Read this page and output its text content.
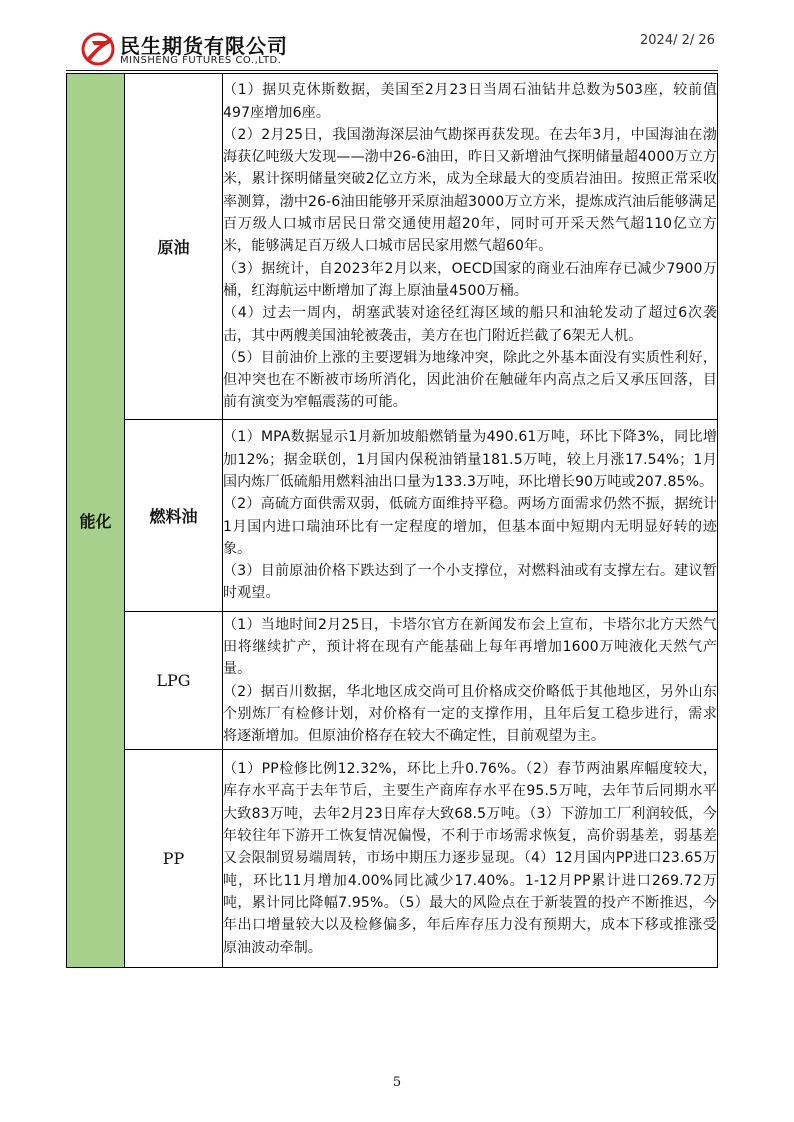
民生期货有限公司
MINSHENG FUTURES CO.,LTD.
2024/ 2/ 26
能化	原油	（1）据贝克休斯数据，美国至2月23日当周石油钻井总数为503座，较前值497座增加6座。

（2）2月25日，我国渤海深层油气勘探再获发现。在去年3月，中国海油在渤海获亿吨级大发现——渤中26-6油田，昨日又新增油气探明储量超4000万立方米，累计探明储量突破2亿立方米，成为全球最大的变质岩油田。按照正常采收率测算，渤中26-6油田能够开采原油超3000万立方米，提炼成汽油后能够满足百万级人口城市居民日常交通使用超20年，同时可开采天然气超110亿立方米，能够满足百万级人口城市居民家用燃气超60年。

（3）据统计，自2023年2月以来，OECD国家的商业石油库存已减少7900万桶，红海航运中断增加了海上原油量4500万桶。

（4）过去一周内，胡塞武装对途径红海区域的船只和油轮发动了超过6次袭击，其中两艘美国油轮被袭击，美方在也门附近拦截了6架无人机。

（5）目前油价上涨的主要逻辑为地缘冲突，除此之外基本面没有实质性利好，但冲突也在不断被市场所消化，因此油价在触碰年内高点之后又承压回落，目前有演变为窄幅震荡的可能。

	燃料油	（1）MPA数据显示1月新加坡船燃销量为490.61万吨，环比下降3%，同比增加12%；据金联创，1月国内保税油销量181.5万吨，较上月涨17.54%；1月国内炼厂低硫船用燃料油出口量为133.3万吨，环比增长90万吨或207.85%。

（2）高硫方面供需双弱，低硫方面维持平稳。两场方面需求仍然不振，据统计1月国内进口瑞油环比有一定程度的增加，但基本面中短期内无明显好转的迹象。

（3）目前原油价格下跌达到了一个小支撑位，对燃料油或有支撑左右。建议暂时观望。

	LPG	（1）当地时间2月25日，卡塔尔官方在新闻发布会上宣布，卡塔尔北方天然气田将继续扩产，预计将在现有产能基础上每年再增加1600万吨液化天然气产量。

（2）据百川数据，华北地区成交尚可且价格成交价略低于其他地区，另外山东个别炼厂有检修计划，对价格有一定的支撑作用，且年后复工稳步进行，需求将逐渐增加。但原油价格存在较大不确定性，目前观望为主。

	PP	（1）PP检修比例12.32%，环比上升0.76%。（2）春节两油累库幅度较大，库存水平高于去年节后，主要生产商库存水平在95.5万吨，去年节后同期水平大致83万吨，去年2月23日库存大致68.5万吨。（3）下游加工厂利润较低，今年较往年下游开工恢复情况偏慢，不利于市场需求恢复，高价弱基差，弱基差又会限制贸易端周转，市场中期压力逐步显现。（4）12月国内PP进口23.65万吨，环比11月增加4.00%同比减少17.40%。1-12月PP累计进口269.72万吨，累计同比降幅7.95%。（5）最大的风险点在于新装置的投产不断推迟，今年出口增量较大以及检修偏多，年后库存压力没有预期大，成本下移或推涨受原油波动牵制。

5
